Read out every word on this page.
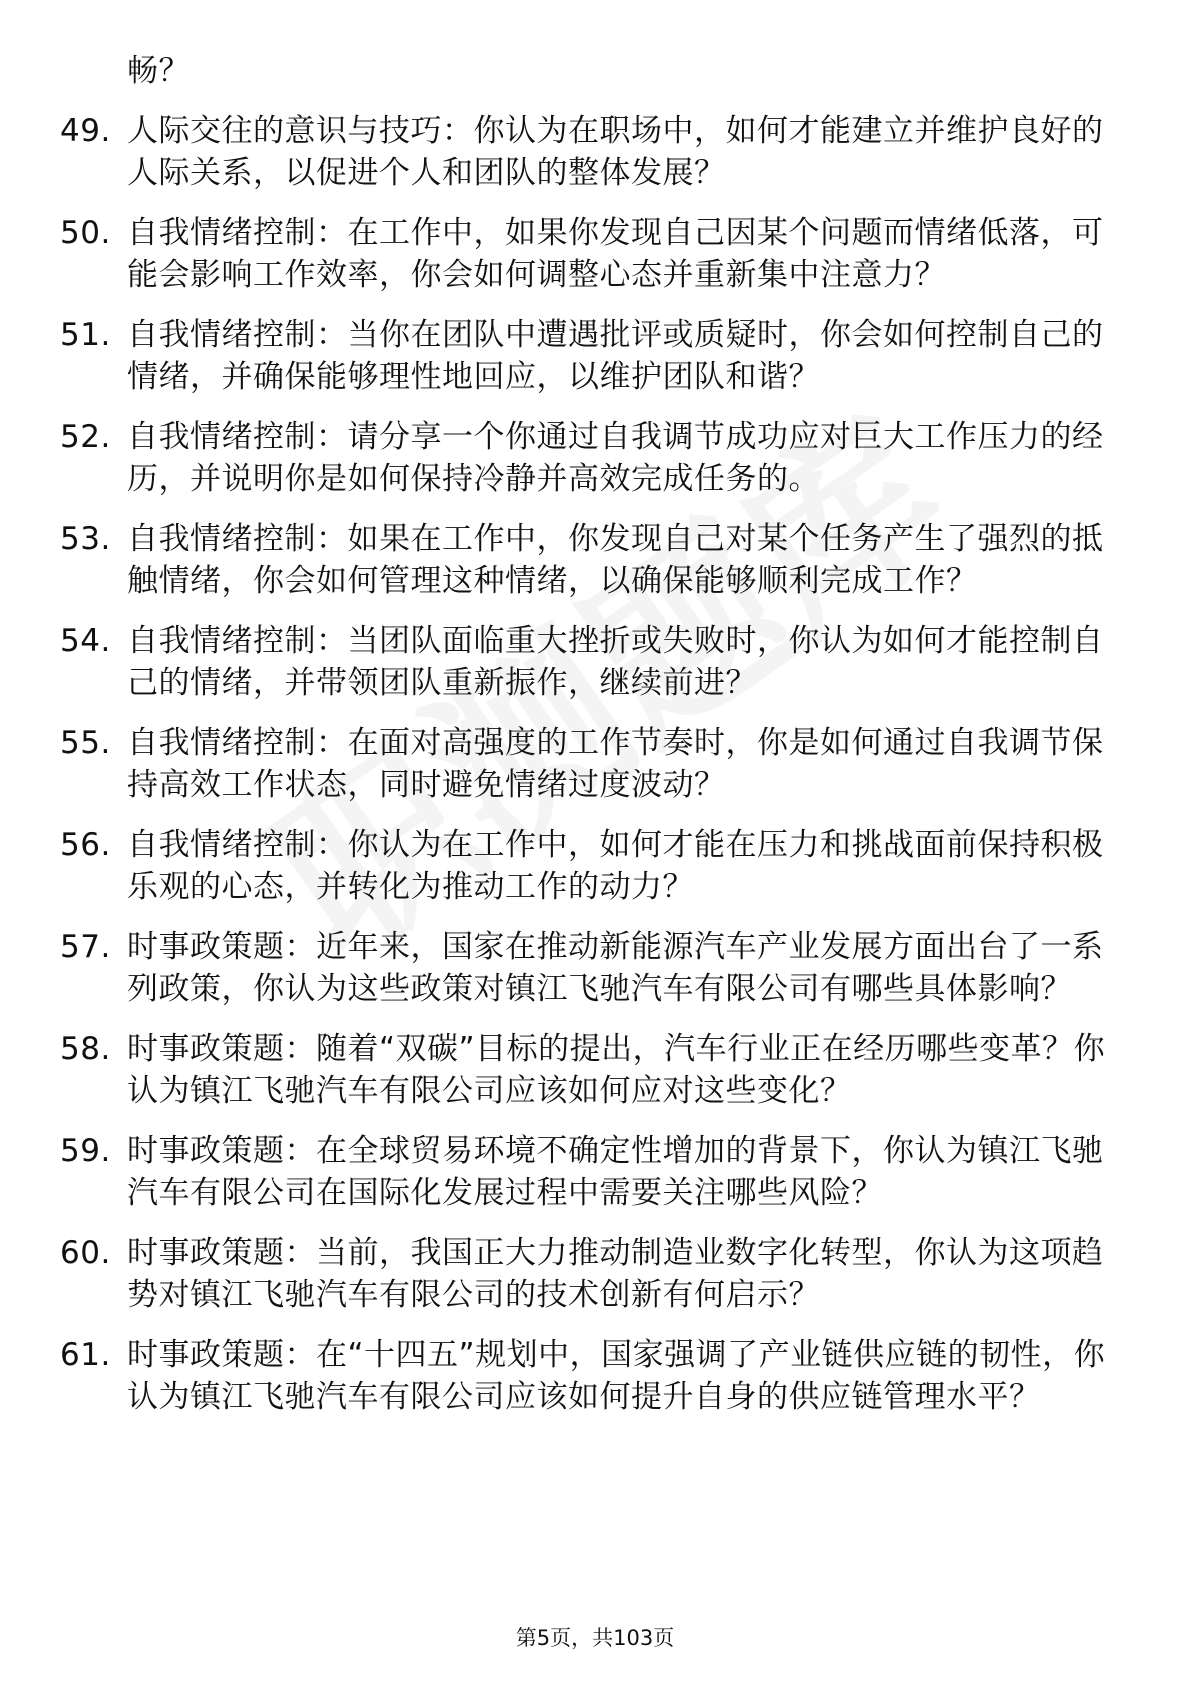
畅？
49. 人际交往的意识与技巧：你认为在职场中，如何才能建立并维护良好的人际关系，以促进个人和团队的整体发展？
50. 自我情绪控制：在工作中，如果你发现自己因某个问题而情绪低落，可能会影响工作效率，你会如何调整心态并重新集中注意力？
51. 自我情绪控制：当你在团队中遭遇批评或质疑时，你会如何控制自己的情绪，并确保能够理性地回应，以维护团队和谐？
52. 自我情绪控制：请分享一个你通过自我调节成功应对巨大工作压力的经历，并说明你是如何保持冷静并高效完成任务的。
53. 自我情绪控制：如果在工作中，你发现自己对某个任务产生了强烈的抵触情绪，你会如何管理这种情绪，以确保能够顺利完成工作？
54. 自我情绪控制：当团队面临重大挫折或失败时，你认为如何才能控制自己的情绪，并带领团队重新振作，继续前进？
55. 自我情绪控制：在面对高强度的工作节奏时，你是如何通过自我调节保持高效工作状态，同时避免情绪过度波动？
56. 自我情绪控制：你认为在工作中，如何才能在压力和挑战面前保持积极乐观的心态，并转化为推动工作的动力？
57. 时事政策题：近年来，国家在推动新能源汽车产业发展方面出台了一系列政策，你认为这些政策对镇江飞驰汽车有限公司有哪些具体影响？
58. 时事政策题：随着“双碳”目标的提出，汽车行业正在经历哪些变革？你认为镇江飞驰汽车有限公司应该如何应对这些变化？
59. 时事政策题：在全球贸易环境不确定性增加的背景下，你认为镇江飞驰汽车有限公司在国际化发展过程中需要关注哪些风险？
60. 时事政策题：当前，我国正大力推动制造业数字化转型，你认为这项趋势对镇江飞驰汽车有限公司的技术创新有何启示？
61. 时事政策题：在“十四五”规划中，国家强调了产业链供应链的韧性，你认为镇江飞驰汽车有限公司应该如何提升自身的供应链管理水平？
第5页，共103页
